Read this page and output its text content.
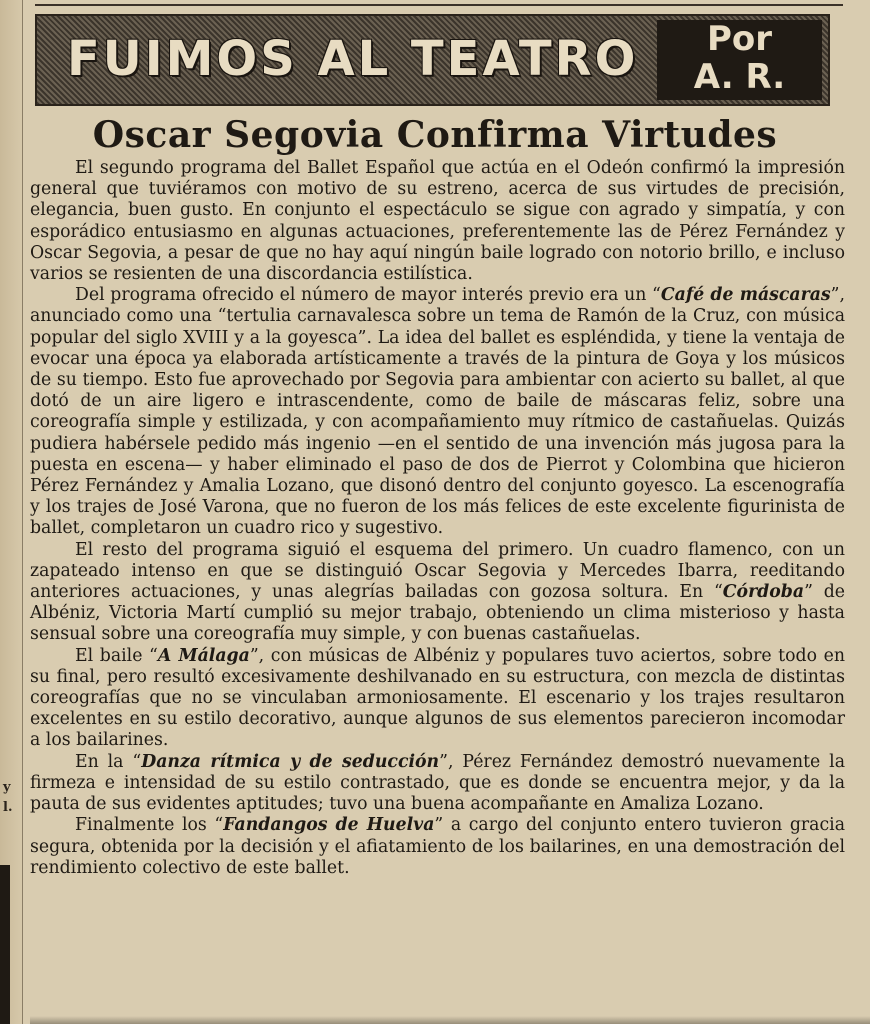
y
l.
FUIMOS AL TEATRO	Por
A. R.
Oscar Segovia Confirma Virtudes

El segundo programa del Ballet Español que actúa en el Odeón confirmó la impresión general que tuviéramos con motivo de su estreno, acerca de sus virtudes de precisión, elegancia, buen gusto. En conjunto el espectáculo se sigue con agrado y simpatía, y con esporádico entusiasmo en algunas actuaciones, preferentemente las de Pérez Fernández y Oscar Segovia, a pesar de que no hay aquí ningún baile logrado con notorio brillo, e incluso varios se resienten de una discordancia estilística.

Del programa ofrecido el número de mayor interés previo era un “Café de máscaras”, anunciado como una “tertulia carnavalesca sobre un tema de Ramón de la Cruz, con música popular del siglo XVIII y a la goyesca”. La idea del ballet es espléndida, y tiene la ventaja de evocar una época ya elaborada artísticamente a través de la pintura de Goya y los músicos de su tiempo. Esto fue aprovechado por Segovia para ambientar con acierto su ballet, al que dotó de un aire ligero e intrascendente, como de baile de máscaras feliz, sobre una coreografía simple y estilizada, y con acompañamiento muy rítmico de castañuelas. Quizás pudiera habérsele pedido más ingenio —en el sentido de una invención más jugosa para la puesta en escena— y haber eliminado el paso de dos de Pierrot y Colombina que hicieron Pérez Fernández y Amalia Lozano, que disonó dentro del conjunto goyesco. La escenografía y los trajes de José Varona, que no fueron de los más felices de este excelente figurinista de ballet, completaron un cuadro rico y sugestivo.

El resto del programa siguió el esquema del primero. Un cuadro flamenco, con un zapateado intenso en que se distinguió Oscar Segovia y Mercedes Ibarra, reeditando anteriores actuaciones, y unas alegrías bailadas con gozosa soltura. En “Córdoba” de Albéniz, Victoria Martí cumplió su mejor trabajo, obteniendo un clima misterioso y hasta sensual sobre una coreografía muy simple, y con buenas castañuelas.

El baile “A Málaga”, con músicas de Albéniz y populares tuvo aciertos, sobre todo en su final, pero resultó excesivamente deshilvanado en su estructura, con mezcla de distintas coreografías que no se vinculaban armoniosamente. El escenario y los trajes resultaron excelentes en su estilo decorativo, aunque algunos de sus elementos parecieron incomodar a los bailarines.

En la “Danza rítmica y de seducción”, Pérez Fernández demostró nuevamente la firmeza e intensidad de su estilo contrastado, que es donde se encuentra mejor, y da la pauta de sus evidentes aptitudes; tuvo una buena acompañante en Amaliza Lozano.

Finalmente los “Fandangos de Huelva” a cargo del conjunto entero tuvieron gracia segura, obtenida por la decisión y el afiatamiento de los bailarines, en una demostración del rendimiento colectivo de este ballet.
